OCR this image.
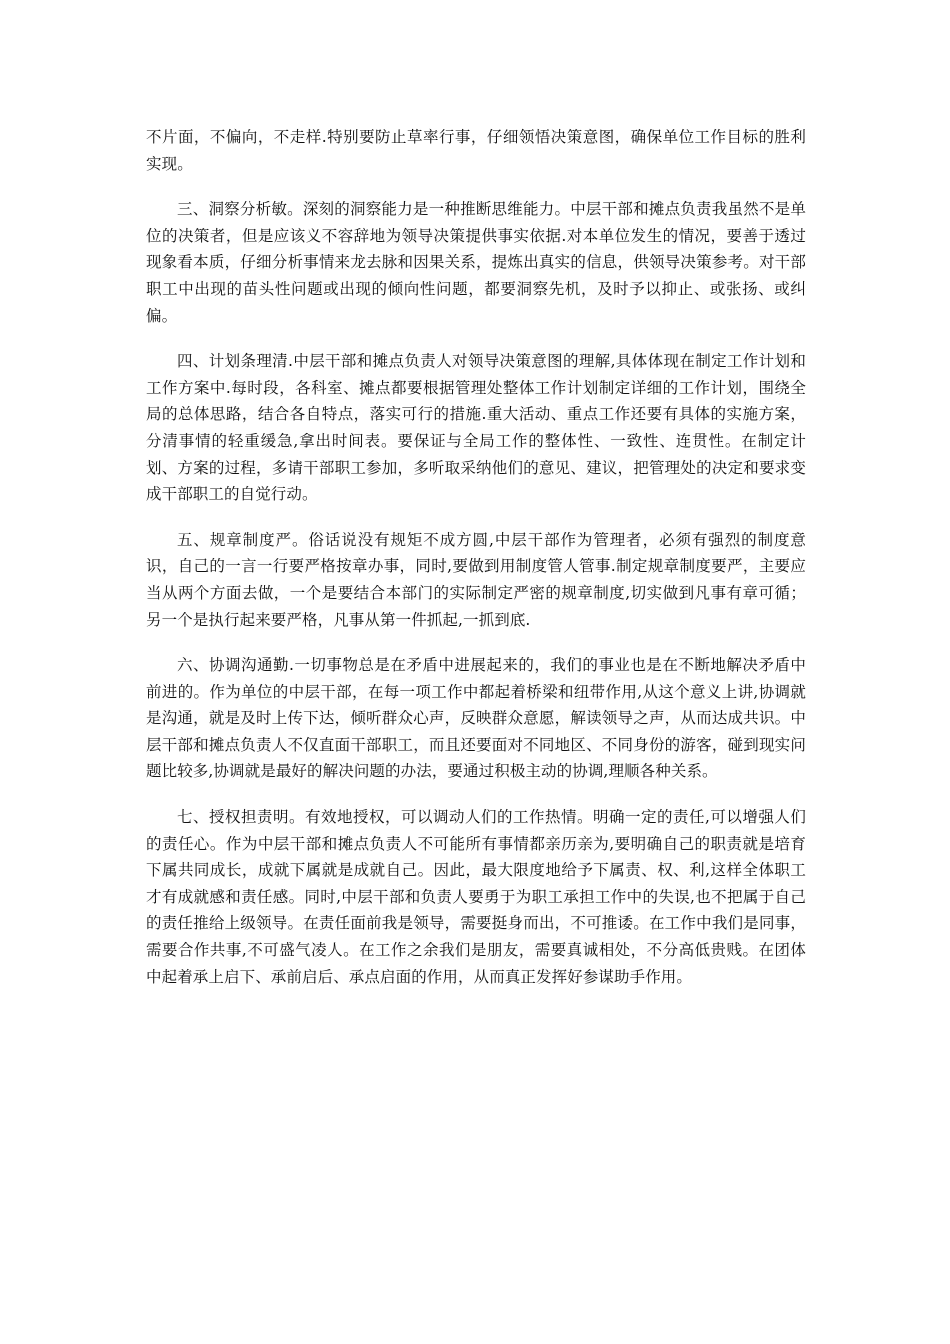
不片面，不偏向，不走样.特别要防止草率行事，仔细领悟决策意图，确保单位工作目标的胜利实现。

三、洞察分析敏。深刻的洞察能力是一种推断思维能力。中层干部和摊点负责我虽然不是单位的决策者，但是应该义不容辞地为领导决策提供事实依据.对本单位发生的情况，要善于透过现象看本质，仔细分析事情来龙去脉和因果关系，提炼出真实的信息，供领导决策参考。对干部职工中出现的苗头性问题或出现的倾向性问题，都要洞察先机，及时予以抑止、或张扬、或纠偏。

四、计划条理清.中层干部和摊点负责人对领导决策意图的理解,具体体现在制定工作计划和工作方案中.每时段，各科室、摊点都要根据管理处整体工作计划制定详细的工作计划，围绕全局的总体思路，结合各自特点，落实可行的措施.重大活动、重点工作还要有具体的实施方案，分清事情的轻重缓急,拿出时间表。要保证与全局工作的整体性、一致性、连贯性。在制定计划、方案的过程，多请干部职工参加，多听取采纳他们的意见、建议，把管理处的决定和要求变成干部职工的自觉行动。

五、规章制度严。俗话说没有规矩不成方圆,中层干部作为管理者，必须有强烈的制度意识，自己的一言一行要严格按章办事，同时,要做到用制度管人管事.制定规章制度要严，主要应当从两个方面去做，一个是要结合本部门的实际制定严密的规章制度,切实做到凡事有章可循；另一个是执行起来要严格，凡事从第一件抓起,一抓到底.

六、协调沟通勤.一切事物总是在矛盾中进展起来的，我们的事业也是在不断地解决矛盾中前进的。作为单位的中层干部，在每一项工作中都起着桥梁和纽带作用,从这个意义上讲,协调就是沟通，就是及时上传下达，倾听群众心声，反映群众意愿，解读领导之声，从而达成共识。中层干部和摊点负责人不仅直面干部职工，而且还要面对不同地区、不同身份的游客，碰到现实问题比较多,协调就是最好的解决问题的办法，要通过积极主动的协调,理顺各种关系。

七、授权担责明。有效地授权，可以调动人们的工作热情。明确一定的责任,可以增强人们的责任心。作为中层干部和摊点负责人不可能所有事情都亲历亲为,要明确自己的职责就是培育下属共同成长，成就下属就是成就自己。因此，最大限度地给予下属责、权、利,这样全体职工才有成就感和责任感。同时,中层干部和负责人要勇于为职工承担工作中的失误,也不把属于自己的责任推给上级领导。在责任面前我是领导，需要挺身而出，不可推诿。在工作中我们是同事，需要合作共事,不可盛气凌人。在工作之余我们是朋友，需要真诚相处，不分高低贵贱。在团体中起着承上启下、承前启后、承点启面的作用，从而真正发挥好参谋助手作用。
